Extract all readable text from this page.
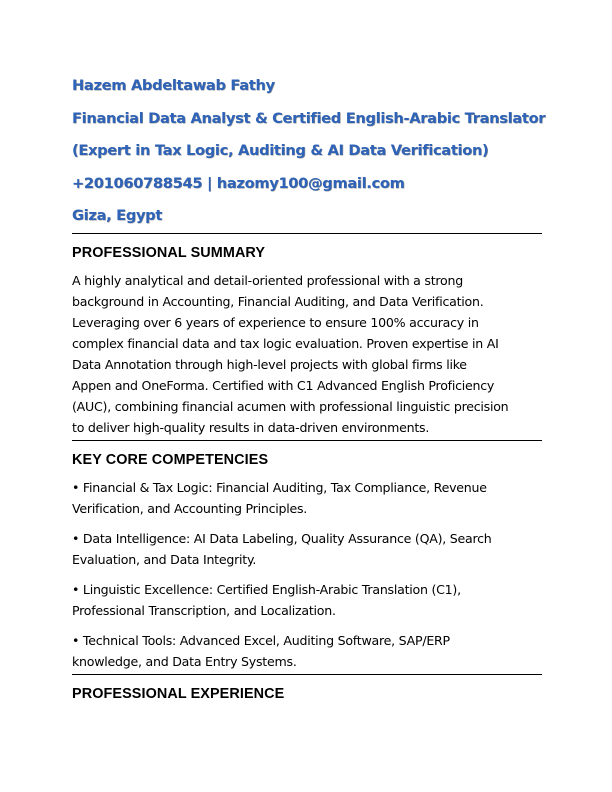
Hazem Abdeltawab Fathy
Financial Data Analyst & Certified English-Arabic Translator
(Expert in Tax Logic, Auditing & AI Data Verification)
+201060788545 | hazomy100@gmail.com
Giza, Egypt
PROFESSIONAL SUMMARY
A highly analytical and detail-oriented professional with a strong
background in Accounting, Financial Auditing, and Data Verification.
Leveraging over 6 years of experience to ensure 100% accuracy in
complex financial data and tax logic evaluation. Proven expertise in AI
Data Annotation through high-level projects with global firms like
Appen and OneForma. Certified with C1 Advanced English Proficiency
(AUC), combining financial acumen with professional linguistic precision
to deliver high-quality results in data-driven environments.
KEY CORE COMPETENCIES
• Financial & Tax Logic: Financial Auditing, Tax Compliance, Revenue
Verification, and Accounting Principles.
• Data Intelligence: AI Data Labeling, Quality Assurance (QA), Search
Evaluation, and Data Integrity.
• Linguistic Excellence: Certified English-Arabic Translation (C1),
Professional Transcription, and Localization.
• Technical Tools: Advanced Excel, Auditing Software, SAP/ERP
knowledge, and Data Entry Systems.
PROFESSIONAL EXPERIENCE
